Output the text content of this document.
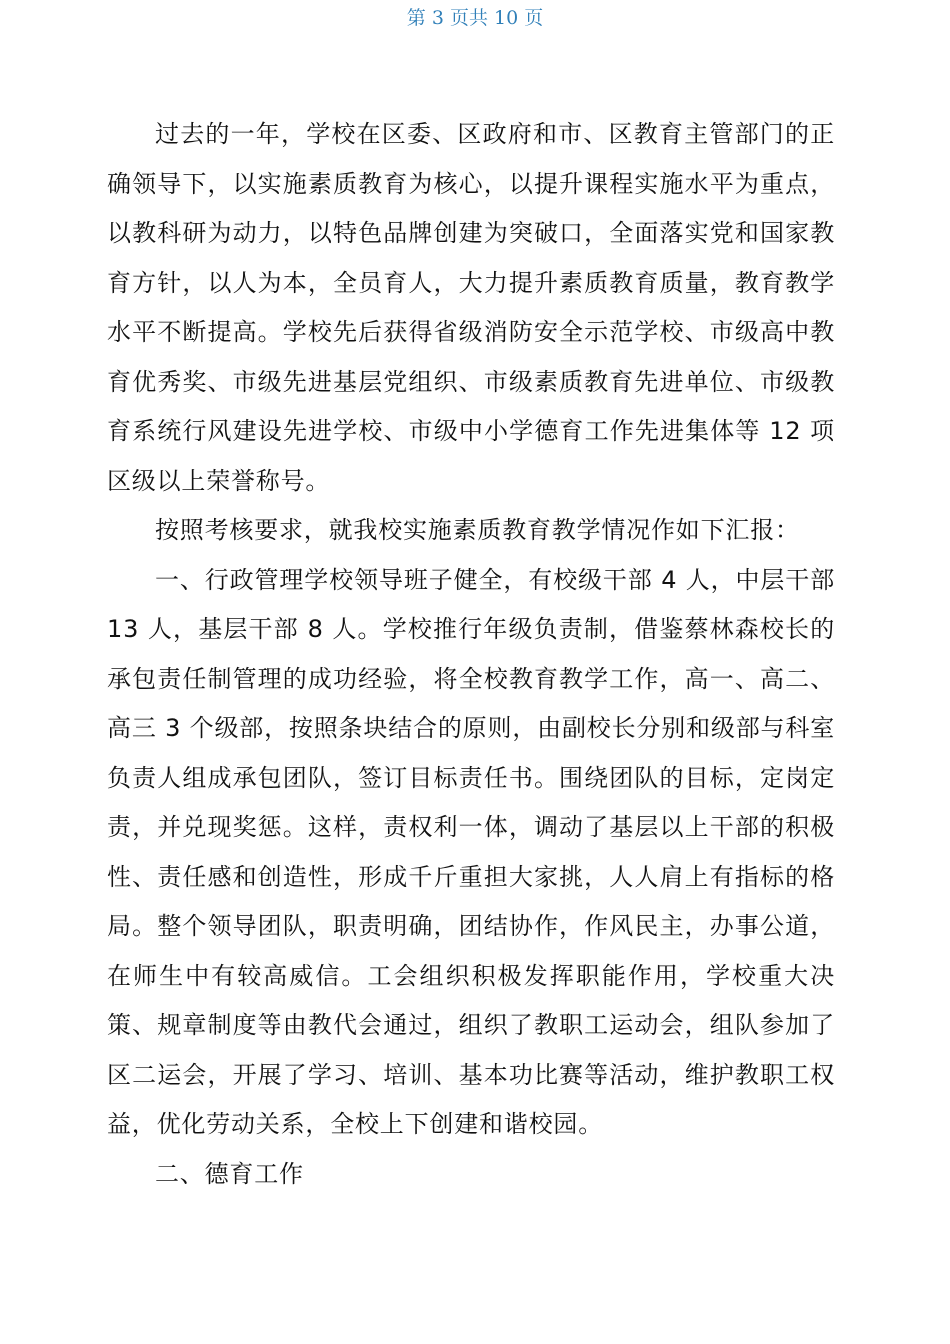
第 3 页共 10 页

过去的一年，学校在区委、区政府和市、区教育主管部门的正确领导下，以实施素质教育为核心，以提升课程实施水平为重点，以教科研为动力，以特色品牌创建为突破口，全面落实党和国家教育方针，以人为本，全员育人，大力提升素质教育质量，教育教学水平不断提高。学校先后获得省级消防安全示范学校、市级高中教育优秀奖、市级先进基层党组织、市级素质教育先进单位、市级教育系统行风建设先进学校、市级中小学德育工作先进集体等 12 项区级以上荣誉称号。

按照考核要求，就我校实施素质教育教学情况作如下汇报：

一、行政管理学校领导班子健全，有校级干部 4 人，中层干部 13 人，基层干部 8 人。学校推行年级负责制，借鉴蔡林森校长的承包责任制管理的成功经验，将全校教育教学工作，高一、高二、高三 3 个级部，按照条块结合的原则，由副校长分别和级部与科室负责人组成承包团队，签订目标责任书。围绕团队的目标，定岗定责，并兑现奖惩。这样，责权利一体，调动了基层以上干部的积极性、责任感和创造性，形成千斤重担大家挑，人人肩上有指标的格局。整个领导团队，职责明确，团结协作，作风民主，办事公道，在师生中有较高威信。工会组织积极发挥职能作用，学校重大决策、规章制度等由教代会通过，组织了教职工运动会，组队参加了区二运会，开展了学习、培训、基本功比赛等活动，维护教职工权益，优化劳动关系，全校上下创建和谐校园。

二、德育工作
